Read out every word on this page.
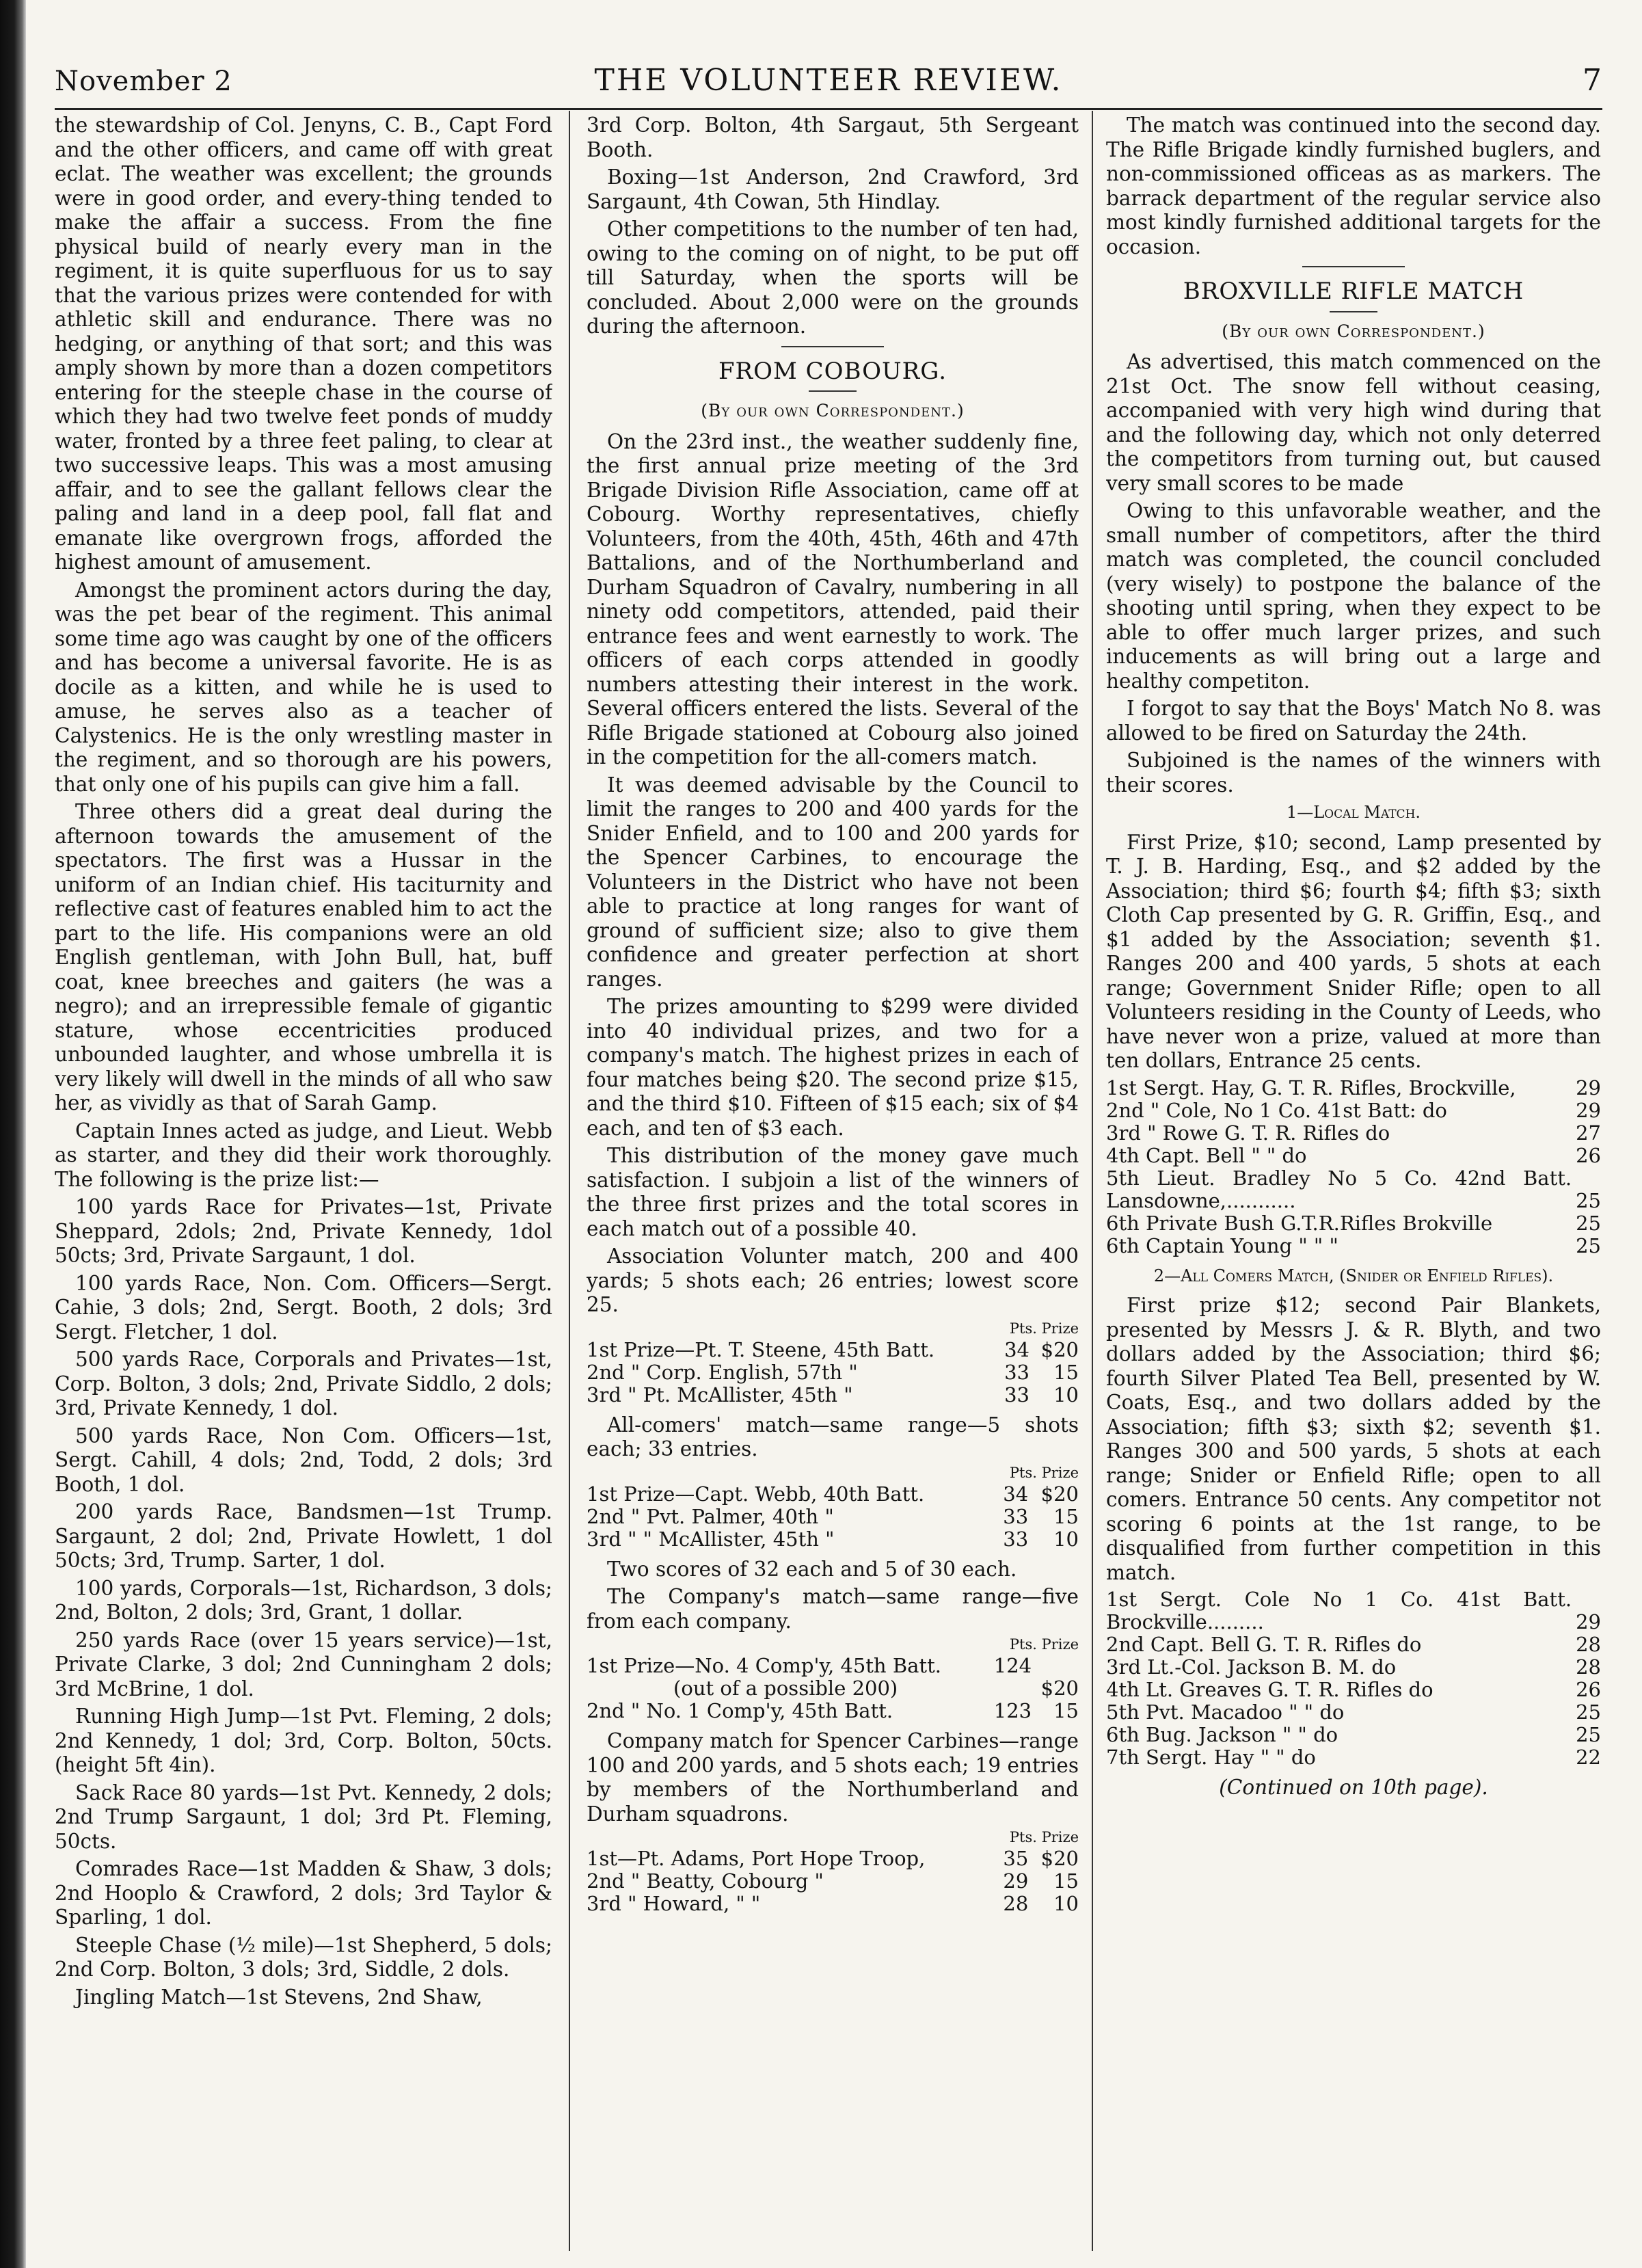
November 2	THE VOLUNTEER REVIEW.	7

the stewardship of Col. Jenyns, C. B., Capt Ford and the other officers, and came off with great eclat. The weather was excellent; the grounds were in good order, and every-thing tended to make the affair a success. From the fine physical build of nearly every man in the regiment, it is quite superfluous for us to say that the various prizes were contended for with athletic skill and endurance. There was no hedging, or anything of that sort; and this was amply shown by more than a dozen competitors entering for the steeple chase in the course of which they had two twelve feet ponds of muddy water, fronted by a three feet paling, to clear at two successive leaps. This was a most amusing affair, and to see the gallant fellows clear the paling and land in a deep pool, fall flat and emanate like overgrown frogs, afforded the highest amount of amusement.

Amongst the prominent actors during the day, was the pet bear of the regiment. This animal some time ago was caught by one of the officers and has become a universal favorite. He is as docile as a kitten, and while he is used to amuse, he serves also as a teacher of Calystenics. He is the only wrestling master in the regiment, and so thorough are his powers, that only one of his pupils can give him a fall.

Three others did a great deal during the afternoon towards the amusement of the spectators. The first was a Hussar in the uniform of an Indian chief. His taciturnity and reflective cast of features enabled him to act the part to the life. His companions were an old English gentleman, with John Bull, hat, buff coat, knee breeches and gaiters (he was a negro); and an irrepressible female of gigantic stature, whose eccentricities produced unbounded laughter, and whose umbrella it is very likely will dwell in the minds of all who saw her, as vividly as that of Sarah Gamp.

Captain Innes acted as judge, and Lieut. Webb as starter, and they did their work thoroughly. The following is the prize list:—

100 yards Race for Privates—1st, Private Sheppard, 2dols; 2nd, Private Kennedy, 1dol 50cts; 3rd, Private Sargaunt, 1 dol.

100 yards Race, Non. Com. Officers—Sergt. Cahie, 3 dols; 2nd, Sergt. Booth, 2 dols; 3rd Sergt. Fletcher, 1 dol.

500 yards Race, Corporals and Privates—1st, Corp. Bolton, 3 dols; 2nd, Private Siddlo, 2 dols; 3rd, Private Kennedy, 1 dol.

500 yards Race, Non Com. Officers—1st, Sergt. Cahill, 4 dols; 2nd, Todd, 2 dols; 3rd Booth, 1 dol.

200 yards Race, Bandsmen—1st Trump. Sargaunt, 2 dol; 2nd, Private Howlett, 1 dol 50cts; 3rd, Trump. Sarter, 1 dol.

100 yards, Corporals—1st, Richardson, 3 dols; 2nd, Bolton, 2 dols; 3rd, Grant, 1 dollar.

250 yards Race (over 15 years service)—1st, Private Clarke, 3 dol; 2nd Cunningham 2 dols; 3rd McBrine, 1 dol.

Running High Jump—1st Pvt. Fleming, 2 dols; 2nd Kennedy, 1 dol; 3rd, Corp. Bolton, 50cts. (height 5ft 4in).

Sack Race 80 yards—1st Pvt. Kennedy, 2 dols; 2nd Trump Sargaunt, 1 dol; 3rd Pt. Fleming, 50cts.

Comrades Race—1st Madden & Shaw, 3 dols; 2nd Hooplo & Crawford, 2 dols; 3rd Taylor & Sparling, 1 dol.

Steeple Chase (½ mile)—1st Shepherd, 5 dols; 2nd Corp. Bolton, 3 dols; 3rd, Siddle, 2 dols.

Jingling Match—1st Stevens, 2nd Shaw,

3rd Corp. Bolton, 4th Sargaut, 5th Sergeant Booth.

Boxing—1st Anderson, 2nd Crawford, 3rd Sargaunt, 4th Cowan, 5th Hindlay.

Other competitions to the number of ten had, owing to the coming on of night, to be put off till Saturday, when the sports will be concluded. About 2,000 were on the grounds during the afternoon.

FROM COBOURG.
(By our own Correspondent.)

On the 23rd inst., the weather suddenly fine, the first annual prize meeting of the 3rd Brigade Division Rifle Association, came off at Cobourg. Worthy representatives, chiefly Volunteers, from the 40th, 45th, 46th and 47th Battalions, and of the Northumberland and Durham Squadron of Cavalry, numbering in all ninety odd competitors, attended, paid their entrance fees and went earnestly to work. The officers of each corps attended in goodly numbers attesting their interest in the work. Several officers entered the lists. Several of the Rifle Brigade stationed at Cobourg also joined in the competition for the all-comers match.

It was deemed advisable by the Council to limit the ranges to 200 and 400 yards for the Snider Enfield, and to 100 and 200 yards for the Spencer Carbines, to encourage the Volunteers in the District who have not been able to practice at long ranges for want of ground of sufficient size; also to give them confidence and greater perfection at short ranges.

The prizes amounting to $299 were divided into 40 individual prizes, and two for a company's match. The highest prizes in each of four matches being $20. The second prize $15, and the third $10. Fifteen of $15 each; six of $4 each, and ten of $3 each.

This distribution of the money gave much satisfaction. I subjoin a list of the winners of the three first prizes and the total scores in each match out of a possible 40.

Association Volunter match, 200 and 400 yards; 5 shots each; 26 entries; lowest score 25.

Pts. Prize
1st Prize—Pt. T. Steene, 45th Batt.	34	$20
2nd " Corp. English, 57th "	33	15
3rd " Pt. McAllister, 45th "	33	10

All-comers' match—same range—5 shots each; 33 entries.

Pts. Prize
1st Prize—Capt. Webb, 40th Batt.	34	$20
2nd " Pvt. Palmer, 40th "	33	15
3rd " " McAllister, 45th "	33	10

Two scores of 32 each and 5 of 30 each.

The Company's match—same range—five from each company.

Pts. Prize
1st Prize—No. 4 Comp'y, 45th Batt.	124	
(out of a possible 200)		$20
2nd " No. 1 Comp'y, 45th Batt.	123	15

Company match for Spencer Carbines—range 100 and 200 yards, and 5 shots each; 19 entries by members of the Northumberland and Durham squadrons.

Pts. Prize
1st—Pt. Adams, Port Hope Troop,	35	$20
2nd " Beatty, Cobourg "	29	15
3rd " Howard, " "	28	10

The match was continued into the second day. The Rifle Brigade kindly furnished buglers, and non-commissioned officeas as as markers. The barrack department of the regular service also most kindly furnished additional targets for the occasion.

BROXVILLE RIFLE MATCH
(By our own Correspondent.)

As advertised, this match commenced on the 21st Oct. The snow fell without ceasing, accompanied with very high wind during that and the following day, which not only deterred the competitors from turning out, but caused very small scores to be made

Owing to this unfavorable weather, and the small number of competitors, after the third match was completed, the council concluded (very wisely) to postpone the balance of the shooting until spring, when they expect to be able to offer much larger prizes, and such inducements as will bring out a large and healthy competiton.

I forgot to say that the Boys' Match No 8. was allowed to be fired on Saturday the 24th.

Subjoined is the names of the winners with their scores.

1—Local Match.

First Prize, $10; second, Lamp presented by T. J. B. Harding, Esq., and $2 added by the Association; third $6; fourth $4; fifth $3; sixth Cloth Cap presented by G. R. Griffin, Esq., and $1 added by the Association; seventh $1. Ranges 200 and 400 yards, 5 shots at each range; Government Snider Rifle; open to all Volunteers residing in the County of Leeds, who have never won a prize, valued at more than ten dollars, Entrance 25 cents.

1st Sergt. Hay, G. T. R. Rifles, Brockville,	29
2nd " Cole, No 1 Co. 41st Batt: do	29
3rd " Rowe G. T. R. Rifles do	27
4th Capt. Bell " " do	26
5th Lieut. Bradley No 5 Co. 42nd Batt. Lansdowne,...........	25
6th Private Bush G.T.R.Rifles Brokville	25
6th Captain Young " " "	25
2—All Comers Match, (Snider or Enfield Rifles).

First prize $12; second Pair Blankets, presented by Messrs J. & R. Blyth, and two dollars added by the Association; third $6; fourth Silver Plated Tea Bell, presented by W. Coats, Esq., and two dollars added by the Association; fifth $3; sixth $2; seventh $1. Ranges 300 and 500 yards, 5 shots at each range; Snider or Enfield Rifle; open to all comers. Entrance 50 cents. Any competitor not scoring 6 points at the 1st range, to be disqualified from further competition in this match.

1st Sergt. Cole No 1 Co. 41st Batt. Brockville.........	29
2nd Capt. Bell G. T. R. Rifles do	28
3rd Lt.-Col. Jackson B. M. do	28
4th Lt. Greaves G. T. R. Rifles do	26
5th Pvt. Macadoo " " do	25
6th Bug. Jackson " " do	25
7th Sergt. Hay " " do	22
(Continued on 10th page).
